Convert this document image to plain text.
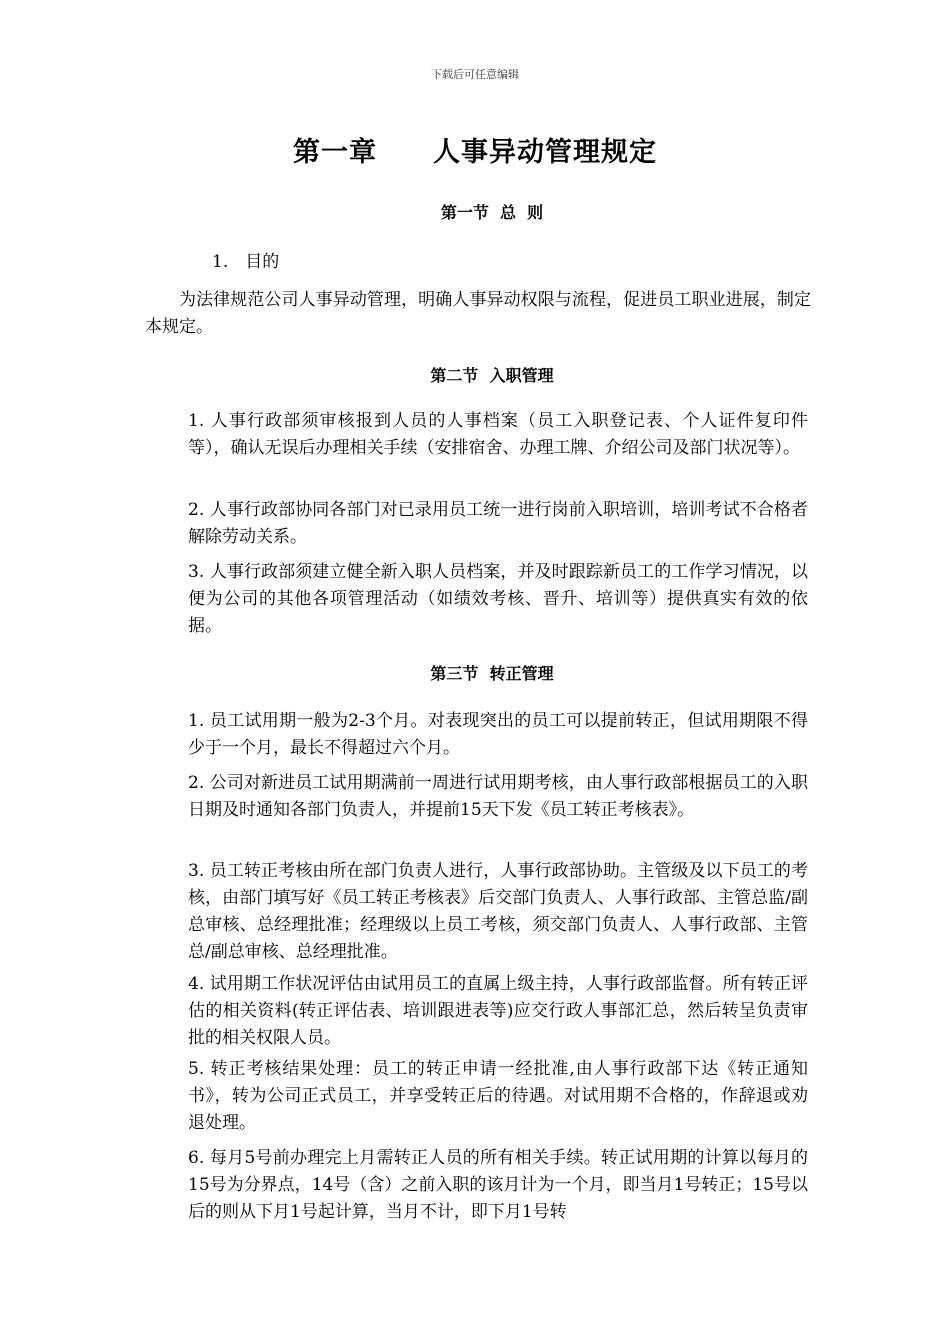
下载后可任意编辑
第一章　　人事异动管理规定
第一节  总  则
1.　目的
为法律规范公司人事异动管理，明确人事异动权限与流程，促进员工职业进展，制定本规定。
第二节  入职管理
1. 人事行政部须审核报到人员的人事档案（员工入职登记表、个人证件复印件等），确认无误后办理相关手续（安排宿舍、办理工牌、介绍公司及部门状况等）。
2. 人事行政部协同各部门对已录用员工统一进行岗前入职培训，培训考试不合格者解除劳动关系。
3. 人事行政部须建立健全新入职人员档案，并及时跟踪新员工的工作学习情况，以便为公司的其他各项管理活动（如绩效考核、晋升、培训等）提供真实有效的依据。
第三节  转正管理
1. 员工试用期一般为2-3个月。对表现突出的员工可以提前转正，但试用期限不得少于一个月，最长不得超过六个月。
2. 公司对新进员工试用期满前一周进行试用期考核，由人事行政部根据员工的入职日期及时通知各部门负责人，并提前15天下发《员工转正考核表》。
3. 员工转正考核由所在部门负责人进行，人事行政部协助。主管级及以下员工的考核，由部门填写好《员工转正考核表》后交部门负责人、人事行政部、主管总监/副总审核、总经理批准；经理级以上员工考核，须交部门负责人、人事行政部、主管总/副总审核、总经理批准。
4. 试用期工作状况评估由试用员工的直属上级主持，人事行政部监督。所有转正评估的相关资料(转正评估表、培训跟进表等)应交行政人事部汇总，然后转呈负责审批的相关权限人员。
5. 转正考核结果处理：员工的转正申请一经批准,由人事行政部下达《转正通知书》，转为公司正式员工，并享受转正后的待遇。对试用期不合格的，作辞退或劝退处理。
6. 每月5号前办理完上月需转正人员的所有相关手续。转正试用期的计算以每月的15号为分界点，14号（含）之前入职的该月计为一个月，即当月1号转正；15号以后的则从下月1号起计算，当月不计，即下月1号转
